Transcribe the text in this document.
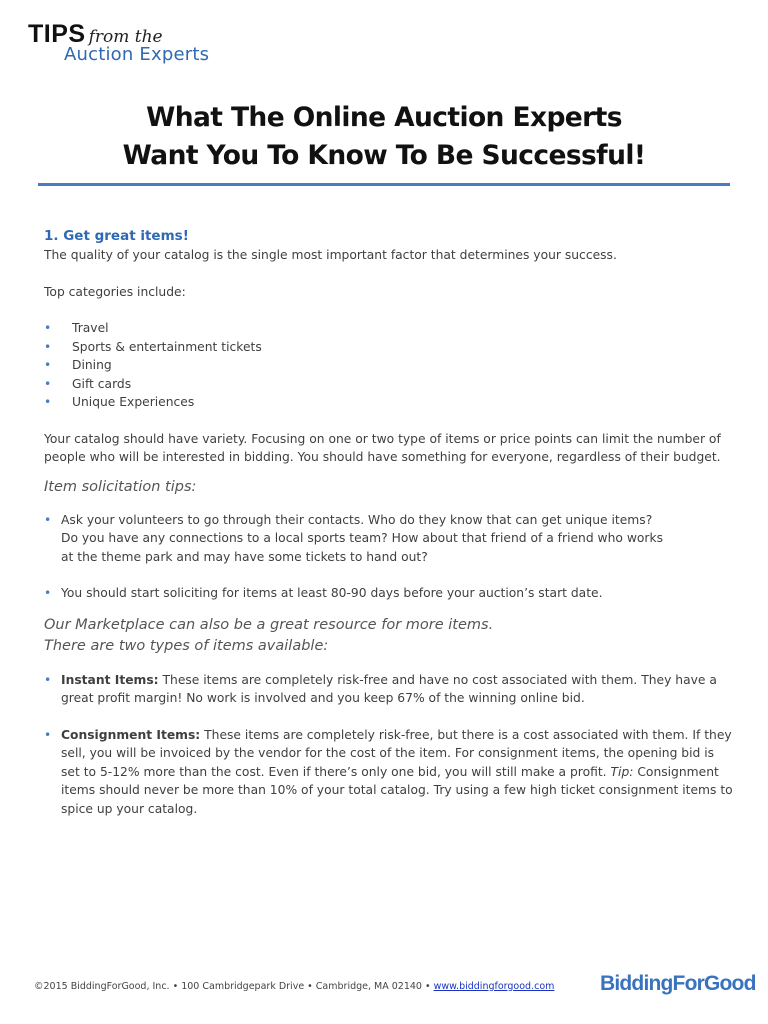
TIPS from the
Auction Experts
What The Online Auction Experts
Want You To Know To Be Successful!
1. Get great items!

The quality of your catalog is the single most important factor that determines your success.

Top categories include:

• Travel
• Sports & entertainment tickets
• Dining
• Gift cards
• Unique Experiences

Your catalog should have variety. Focusing on one or two type of items or price points can limit the number of people who will be interested in bidding. You should have something for everyone, regardless of their budget.

Item solicitation tips:
• Ask your volunteers to go through their contacts. Who do they know that can get unique items?
Do you have any connections to a local sports team? How about that friend of a friend who works
at the theme park and may have some tickets to hand out?
• You should start soliciting for items at least 80-90 days before your auction’s start date.
Our Marketplace can also be a great resource for more items.
There are two types of items available:
• Instant Items: These items are completely risk-free and have no cost associated with them. They have a great profit margin! No work is involved and you keep 67% of the winning online bid.
• Consignment Items: These items are completely risk-free, but there is a cost associated with them. If they sell, you will be invoiced by the vendor for the cost of the item. For consignment items, the opening bid is set to 5-12% more than the cost. Even if there’s only one bid, you will still make a profit. Tip: Consignment items should never be more than 10% of your total catalog. Try using a few high ticket consignment items to spice up your catalog.
©2015 BiddingForGood, Inc. • 100 Cambridgepark Drive • Cambridge, MA 02140 • www.biddingforgood.com BiddingForGood
